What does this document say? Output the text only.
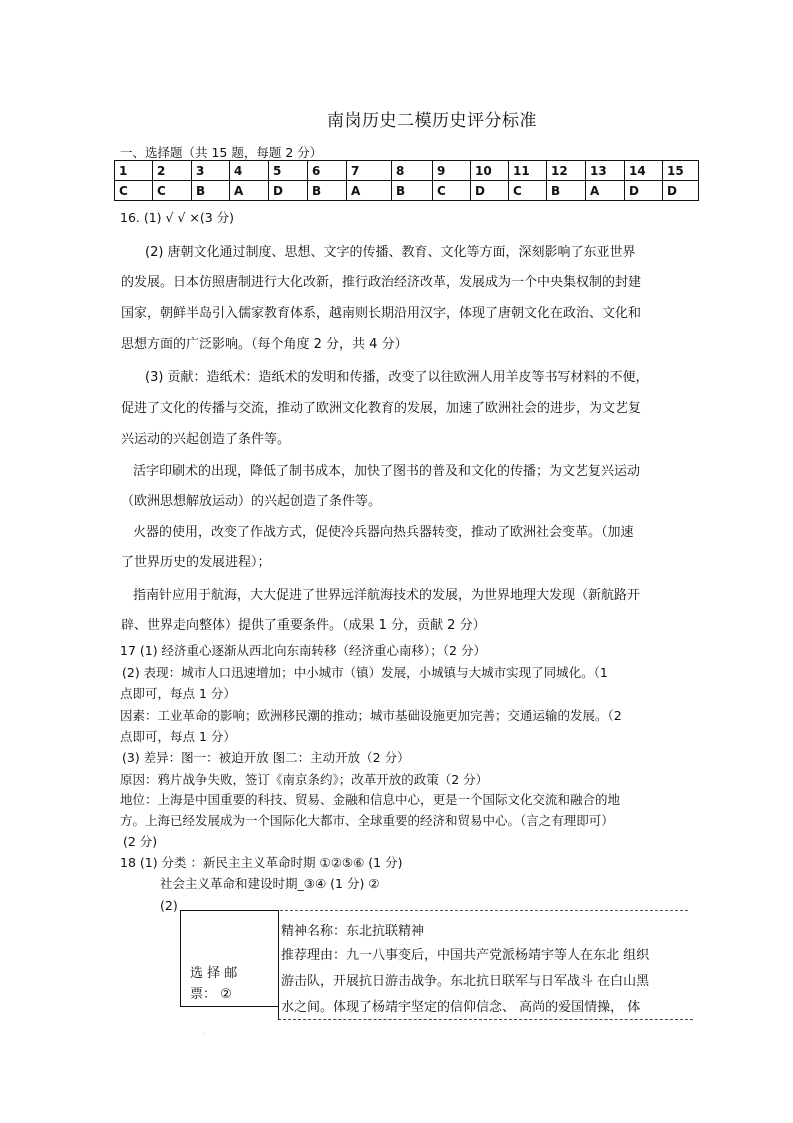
南岗历史二模历史评分标准
一、选择题（共 15 题，每题 2 分）
1	2	3	4	5	6	7	8	9	10	11	12	13	14	15
C	C	B	A	D	B	A	B	C	D	C	B	A	D	D
16. (1) √ √ ×(3 分)
(2) 唐朝文化通过制度、思想、文字的传播、教育、文化等方面，深刻影响了东亚世界
的发展。日本仿照唐制进行大化改新，推行政治经济改革，发展成为一个中央集权制的封建
国家，朝鲜半岛引入儒家教育体系，越南则长期沿用汉字，体现了唐朝文化在政治、文化和
思想方面的广泛影响。（每个角度 2 分，共 4 分）
(3) 贡献：造纸术：造纸术的发明和传播，改变了以往欧洲人用羊皮等书写材料的不便，
促进了文化的传播与交流，推动了欧洲文化教育的发展，加速了欧洲社会的进步，为文艺复
兴运动的兴起创造了条件等。
活字印刷术的出现，降低了制书成本，加快了图书的普及和文化的传播；为文艺复兴运动
（欧洲思想解放运动）的兴起创造了条件等。
火器的使用，改变了作战方式，促使冷兵器向热兵器转变，推动了欧洲社会变革。（加速
了世界历史的发展进程）；
指南针应用于航海，大大促进了世界远洋航海技术的发展，为世界地理大发现（新航路开
辟、世界走向整体）提供了重要条件。（成果 1 分，贡献 2 分）
17 (1) 经济重心逐渐从西北向东南转移（经济重心南移）；（2 分）
(2) 表现：城市人口迅速增加；中小城市（镇）发展，小城镇与大城市实现了同城化。（1
点即可，每点 1 分）
因素：工业革命的影响；欧洲移民潮的推动；城市基础设施更加完善；交通运输的发展。（2
点即可，每点 1 分）
(3) 差异：图一：被迫开放 图二：主动开放（2 分）
原因：鸦片战争失败，签订《南京条约》；改革开放的政策（2 分）
地位：上海是中国重要的科技、贸易、金融和信息中心，更是一个国际文化交流和融合的地
方。上海已经发展成为一个国际化大都市、全球重要的经济和贸易中心。（言之有理即可）
(2 分)
18 (1) 分类 ：新民主主义革命时期 ①②⑤⑥ (1 分)
社会主义革命和建设时期_③④ (1 分) ②
(2)
选 择 邮
票： ②
精神名称：东北抗联精神
推荐理由：九一八事变后，中国共产党派杨靖宇等人在东北 组织
游击队，开展抗日游击战争。东北抗日联军与日军战斗 在白山黑
水之间。体现了杨靖宇坚定的信仰信念、 高尚的爱国情操， 体
·
